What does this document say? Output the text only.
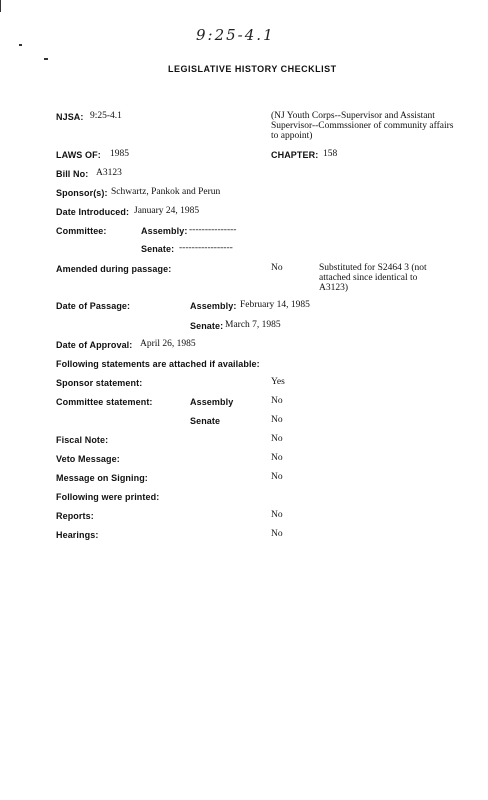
9:25-4.1
LEGISLATIVE HISTORY CHECKLIST
NJSA: 9:25-4.1	(NJ Youth Corps--Supervisor and Assistant Supervisor--Commssioner of community affairs to appoint)
LAWS OF: 1985	CHAPTER: 158
Bill No: A3123
Sponsor(s): Schwartz, Pankok and Perun
Date Introduced: January 24, 1985
Committee:	Assembly: ---------------
Senate: -----------------
Amended during passage:	No	Substituted for S2464 3 (not attached since identical to A3123)
Date of Passage:	Assembly: February 14, 1985
Senate: March 7, 1985
Date of Approval: April 26, 1985
Following statements are attached if available:
Sponsor statement:	Yes
Committee statement:	Assembly	No
Senate	No
Fiscal Note:	No
Veto Message:	No
Message on Signing:	No
Following were printed:
Reports:	No
Hearings:	No
